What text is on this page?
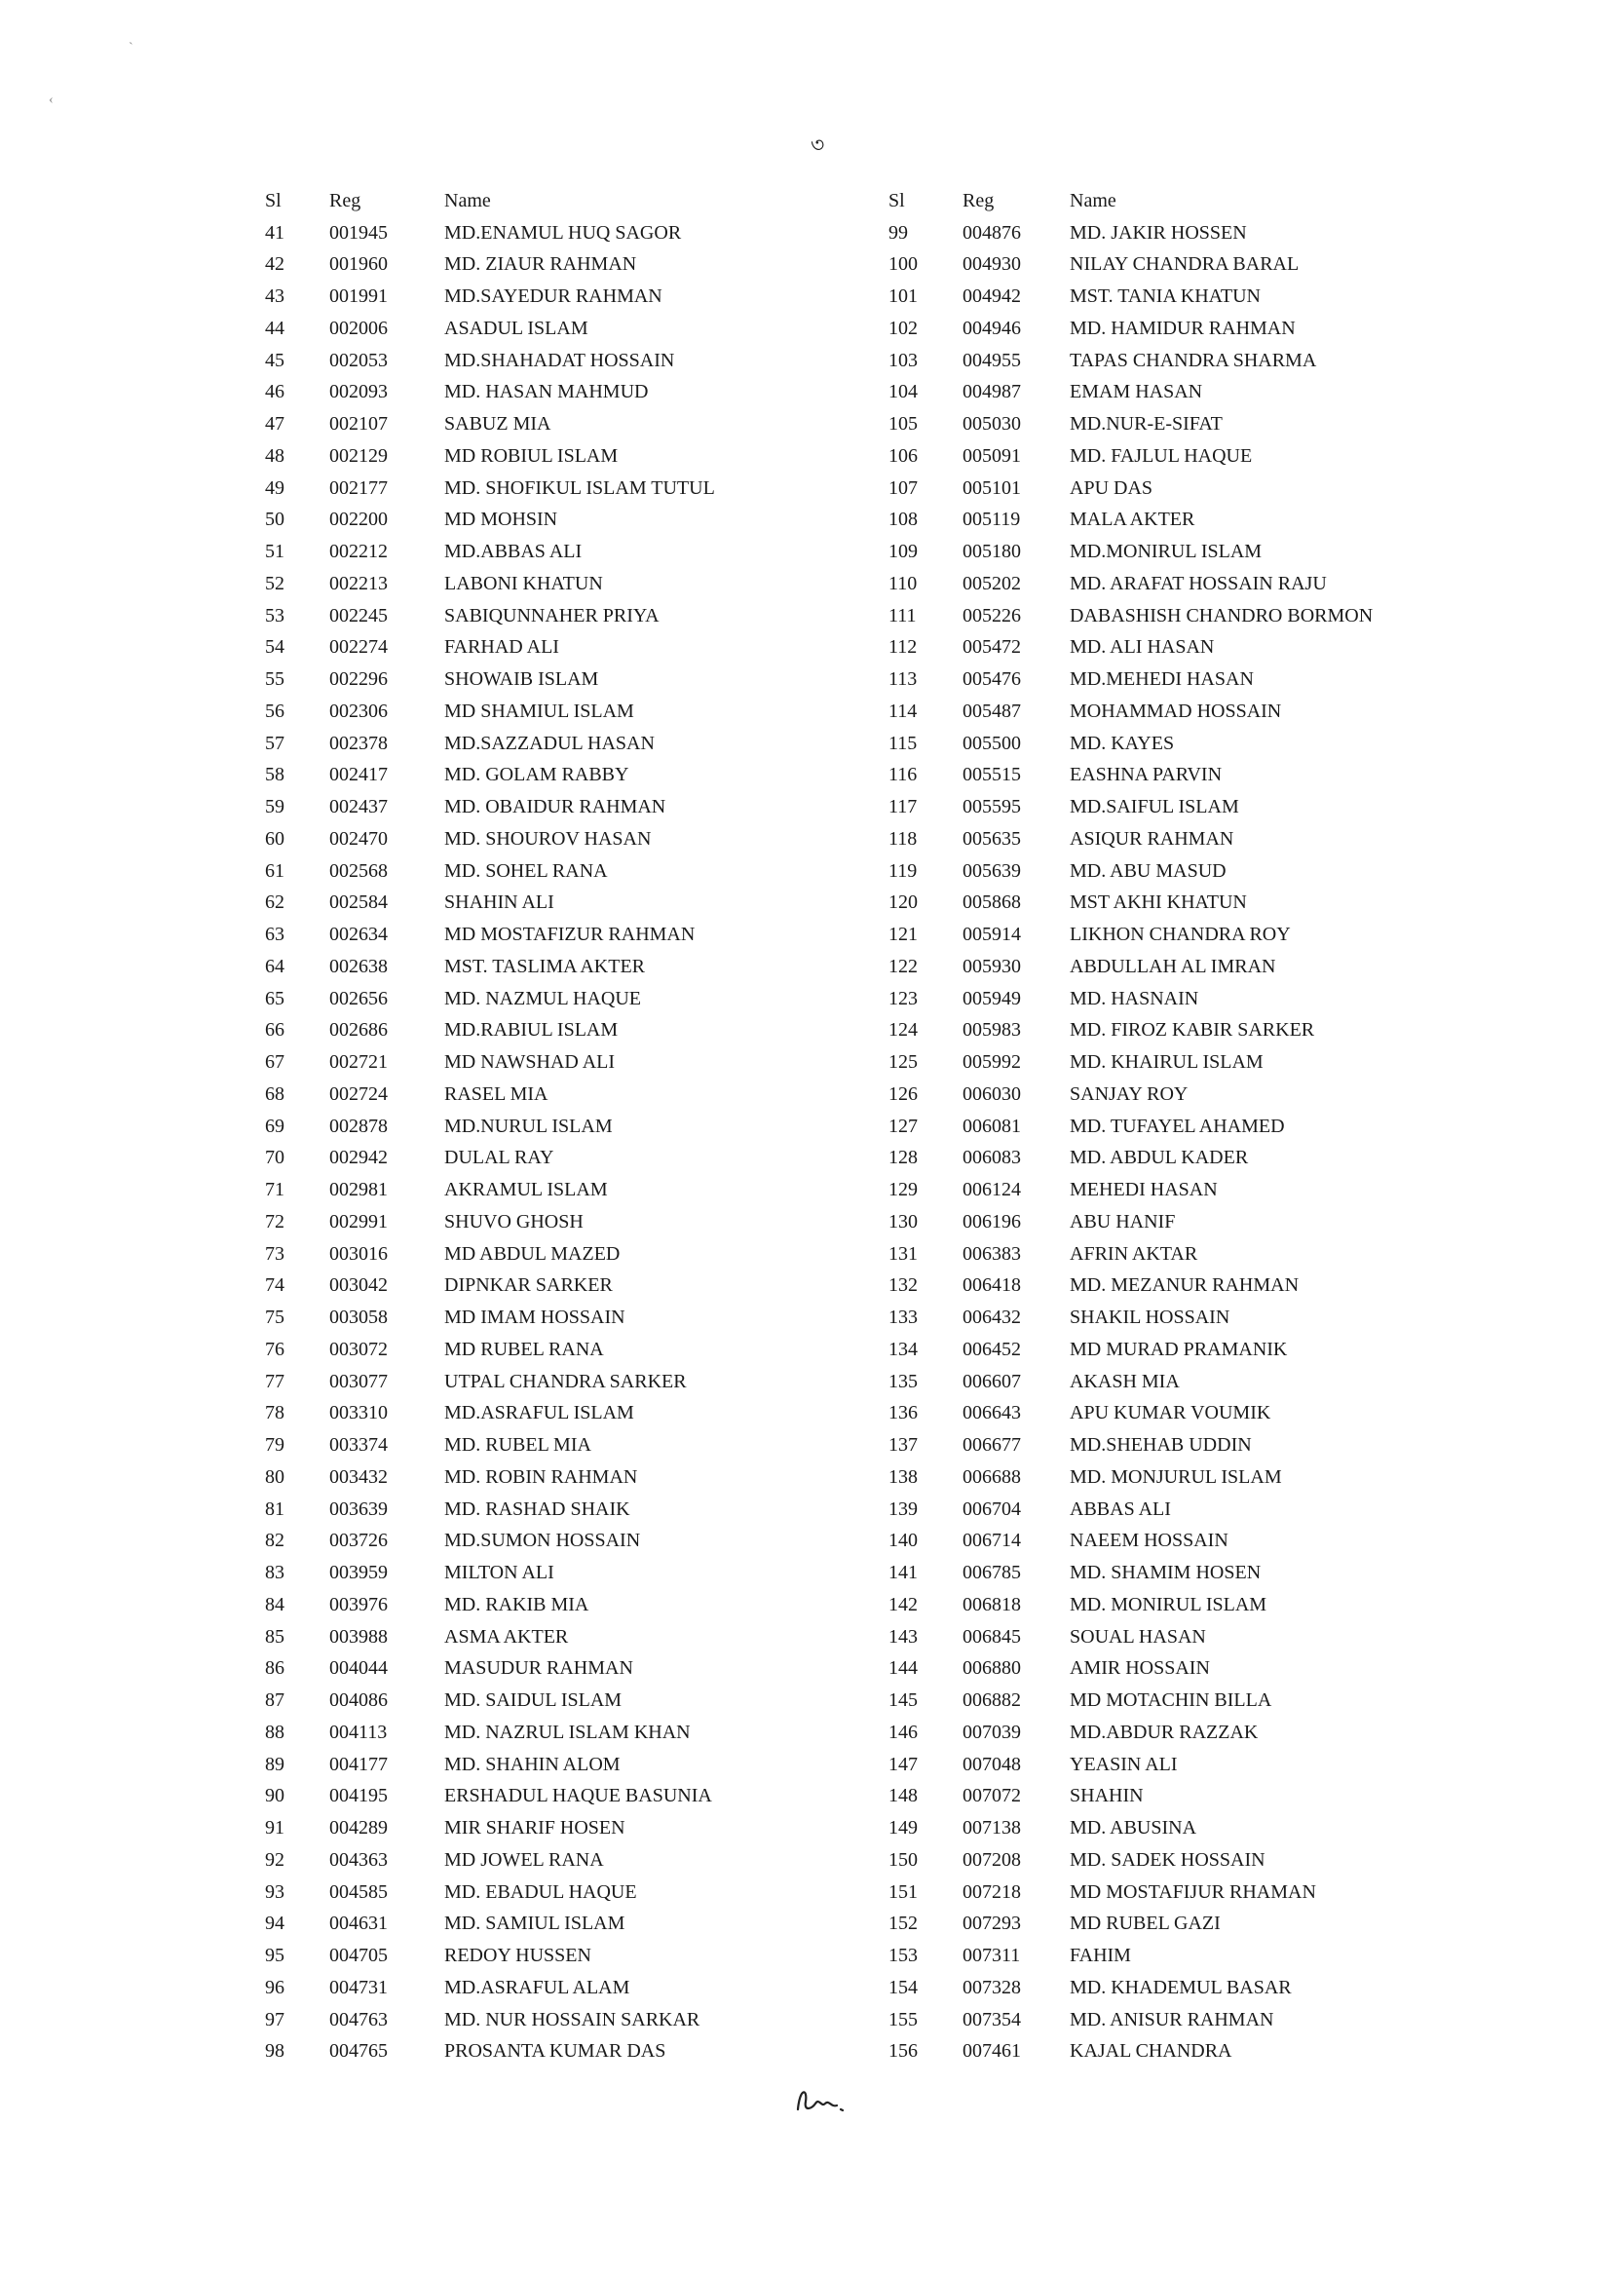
`
‹
৩
Sl	Reg	Name
41	001945	MD.ENAMUL HUQ SAGOR
42	001960	MD. ZIAUR RAHMAN
43	001991	MD.SAYEDUR RAHMAN
44	002006	ASADUL ISLAM
45	002053	MD.SHAHADAT HOSSAIN
46	002093	MD. HASAN MAHMUD
47	002107	SABUZ MIA
48	002129	MD ROBIUL ISLAM
49	002177	MD. SHOFIKUL ISLAM TUTUL
50	002200	MD MOHSIN
51	002212	MD.ABBAS ALI
52	002213	LABONI KHATUN
53	002245	SABIQUNNAHER PRIYA
54	002274	FARHAD ALI
55	002296	SHOWAIB ISLAM
56	002306	MD SHAMIUL ISLAM
57	002378	MD.SAZZADUL HASAN
58	002417	MD. GOLAM RABBY
59	002437	MD. OBAIDUR RAHMAN
60	002470	MD. SHOUROV HASAN
61	002568	MD. SOHEL RANA
62	002584	SHAHIN ALI
63	002634	MD MOSTAFIZUR RAHMAN
64	002638	MST. TASLIMA AKTER
65	002656	MD. NAZMUL HAQUE
66	002686	MD.RABIUL ISLAM
67	002721	MD NAWSHAD ALI
68	002724	RASEL MIA
69	002878	MD.NURUL ISLAM
70	002942	DULAL RAY
71	002981	AKRAMUL ISLAM
72	002991	SHUVO GHOSH
73	003016	MD ABDUL MAZED
74	003042	DIPNKAR SARKER
75	003058	MD IMAM HOSSAIN
76	003072	MD RUBEL RANA
77	003077	UTPAL CHANDRA SARKER
78	003310	MD.ASRAFUL ISLAM
79	003374	MD. RUBEL MIA
80	003432	MD. ROBIN RAHMAN
81	003639	MD. RASHAD SHAIK
82	003726	MD.SUMON HOSSAIN
83	003959	MILTON ALI
84	003976	MD. RAKIB MIA
85	003988	ASMA AKTER
86	004044	MASUDUR RAHMAN
87	004086	MD. SAIDUL ISLAM
88	004113	MD. NAZRUL ISLAM KHAN
89	004177	MD. SHAHIN ALOM
90	004195	ERSHADUL HAQUE BASUNIA
91	004289	MIR SHARIF HOSEN
92	004363	MD JOWEL RANA
93	004585	MD. EBADUL HAQUE
94	004631	MD. SAMIUL ISLAM
95	004705	REDOY HUSSEN
96	004731	MD.ASRAFUL ALAM
97	004763	MD. NUR HOSSAIN SARKAR
98	004765	PROSANTA KUMAR DAS
Sl	Reg	Name
99	004876	MD. JAKIR HOSSEN
100	004930	NILAY CHANDRA BARAL
101	004942	MST. TANIA KHATUN
102	004946	MD. HAMIDUR RAHMAN
103	004955	TAPAS CHANDRA SHARMA
104	004987	EMAM HASAN
105	005030	MD.NUR-E-SIFAT
106	005091	MD. FAJLUL HAQUE
107	005101	APU DAS
108	005119	MALA AKTER
109	005180	MD.MONIRUL ISLAM
110	005202	MD. ARAFAT HOSSAIN RAJU
111	005226	DABASHISH CHANDRO BORMON
112	005472	MD. ALI HASAN
113	005476	MD.MEHEDI HASAN
114	005487	MOHAMMAD HOSSAIN
115	005500	MD. KAYES
116	005515	EASHNA PARVIN
117	005595	MD.SAIFUL ISLAM
118	005635	ASIQUR RAHMAN
119	005639	MD. ABU MASUD
120	005868	MST AKHI KHATUN
121	005914	LIKHON CHANDRA ROY
122	005930	ABDULLAH AL IMRAN
123	005949	MD. HASNAIN
124	005983	MD. FIROZ KABIR SARKER
125	005992	MD. KHAIRUL ISLAM
126	006030	SANJAY ROY
127	006081	MD. TUFAYEL AHAMED
128	006083	MD. ABDUL KADER
129	006124	MEHEDI HASAN
130	006196	ABU HANIF
131	006383	AFRIN AKTAR
132	006418	MD. MEZANUR RAHMAN
133	006432	SHAKIL HOSSAIN
134	006452	MD MURAD PRAMANIK
135	006607	AKASH MIA
136	006643	APU KUMAR VOUMIK
137	006677	MD.SHEHAB UDDIN
138	006688	MD. MONJURUL ISLAM
139	006704	ABBAS ALI
140	006714	NAEEM HOSSAIN
141	006785	MD. SHAMIM HOSEN
142	006818	MD. MONIRUL ISLAM
143	006845	SOUAL HASAN
144	006880	AMIR HOSSAIN
145	006882	MD MOTACHIN BILLA
146	007039	MD.ABDUR RAZZAK
147	007048	YEASIN ALI
148	007072	SHAHIN
149	007138	MD. ABUSINA
150	007208	MD. SADEK HOSSAIN
151	007218	MD MOSTAFIJUR RHAMAN
152	007293	MD RUBEL GAZI
153	007311	FAHIM
154	007328	MD. KHADEMUL BASAR
155	007354	MD. ANISUR RAHMAN
156	007461	KAJAL CHANDRA
